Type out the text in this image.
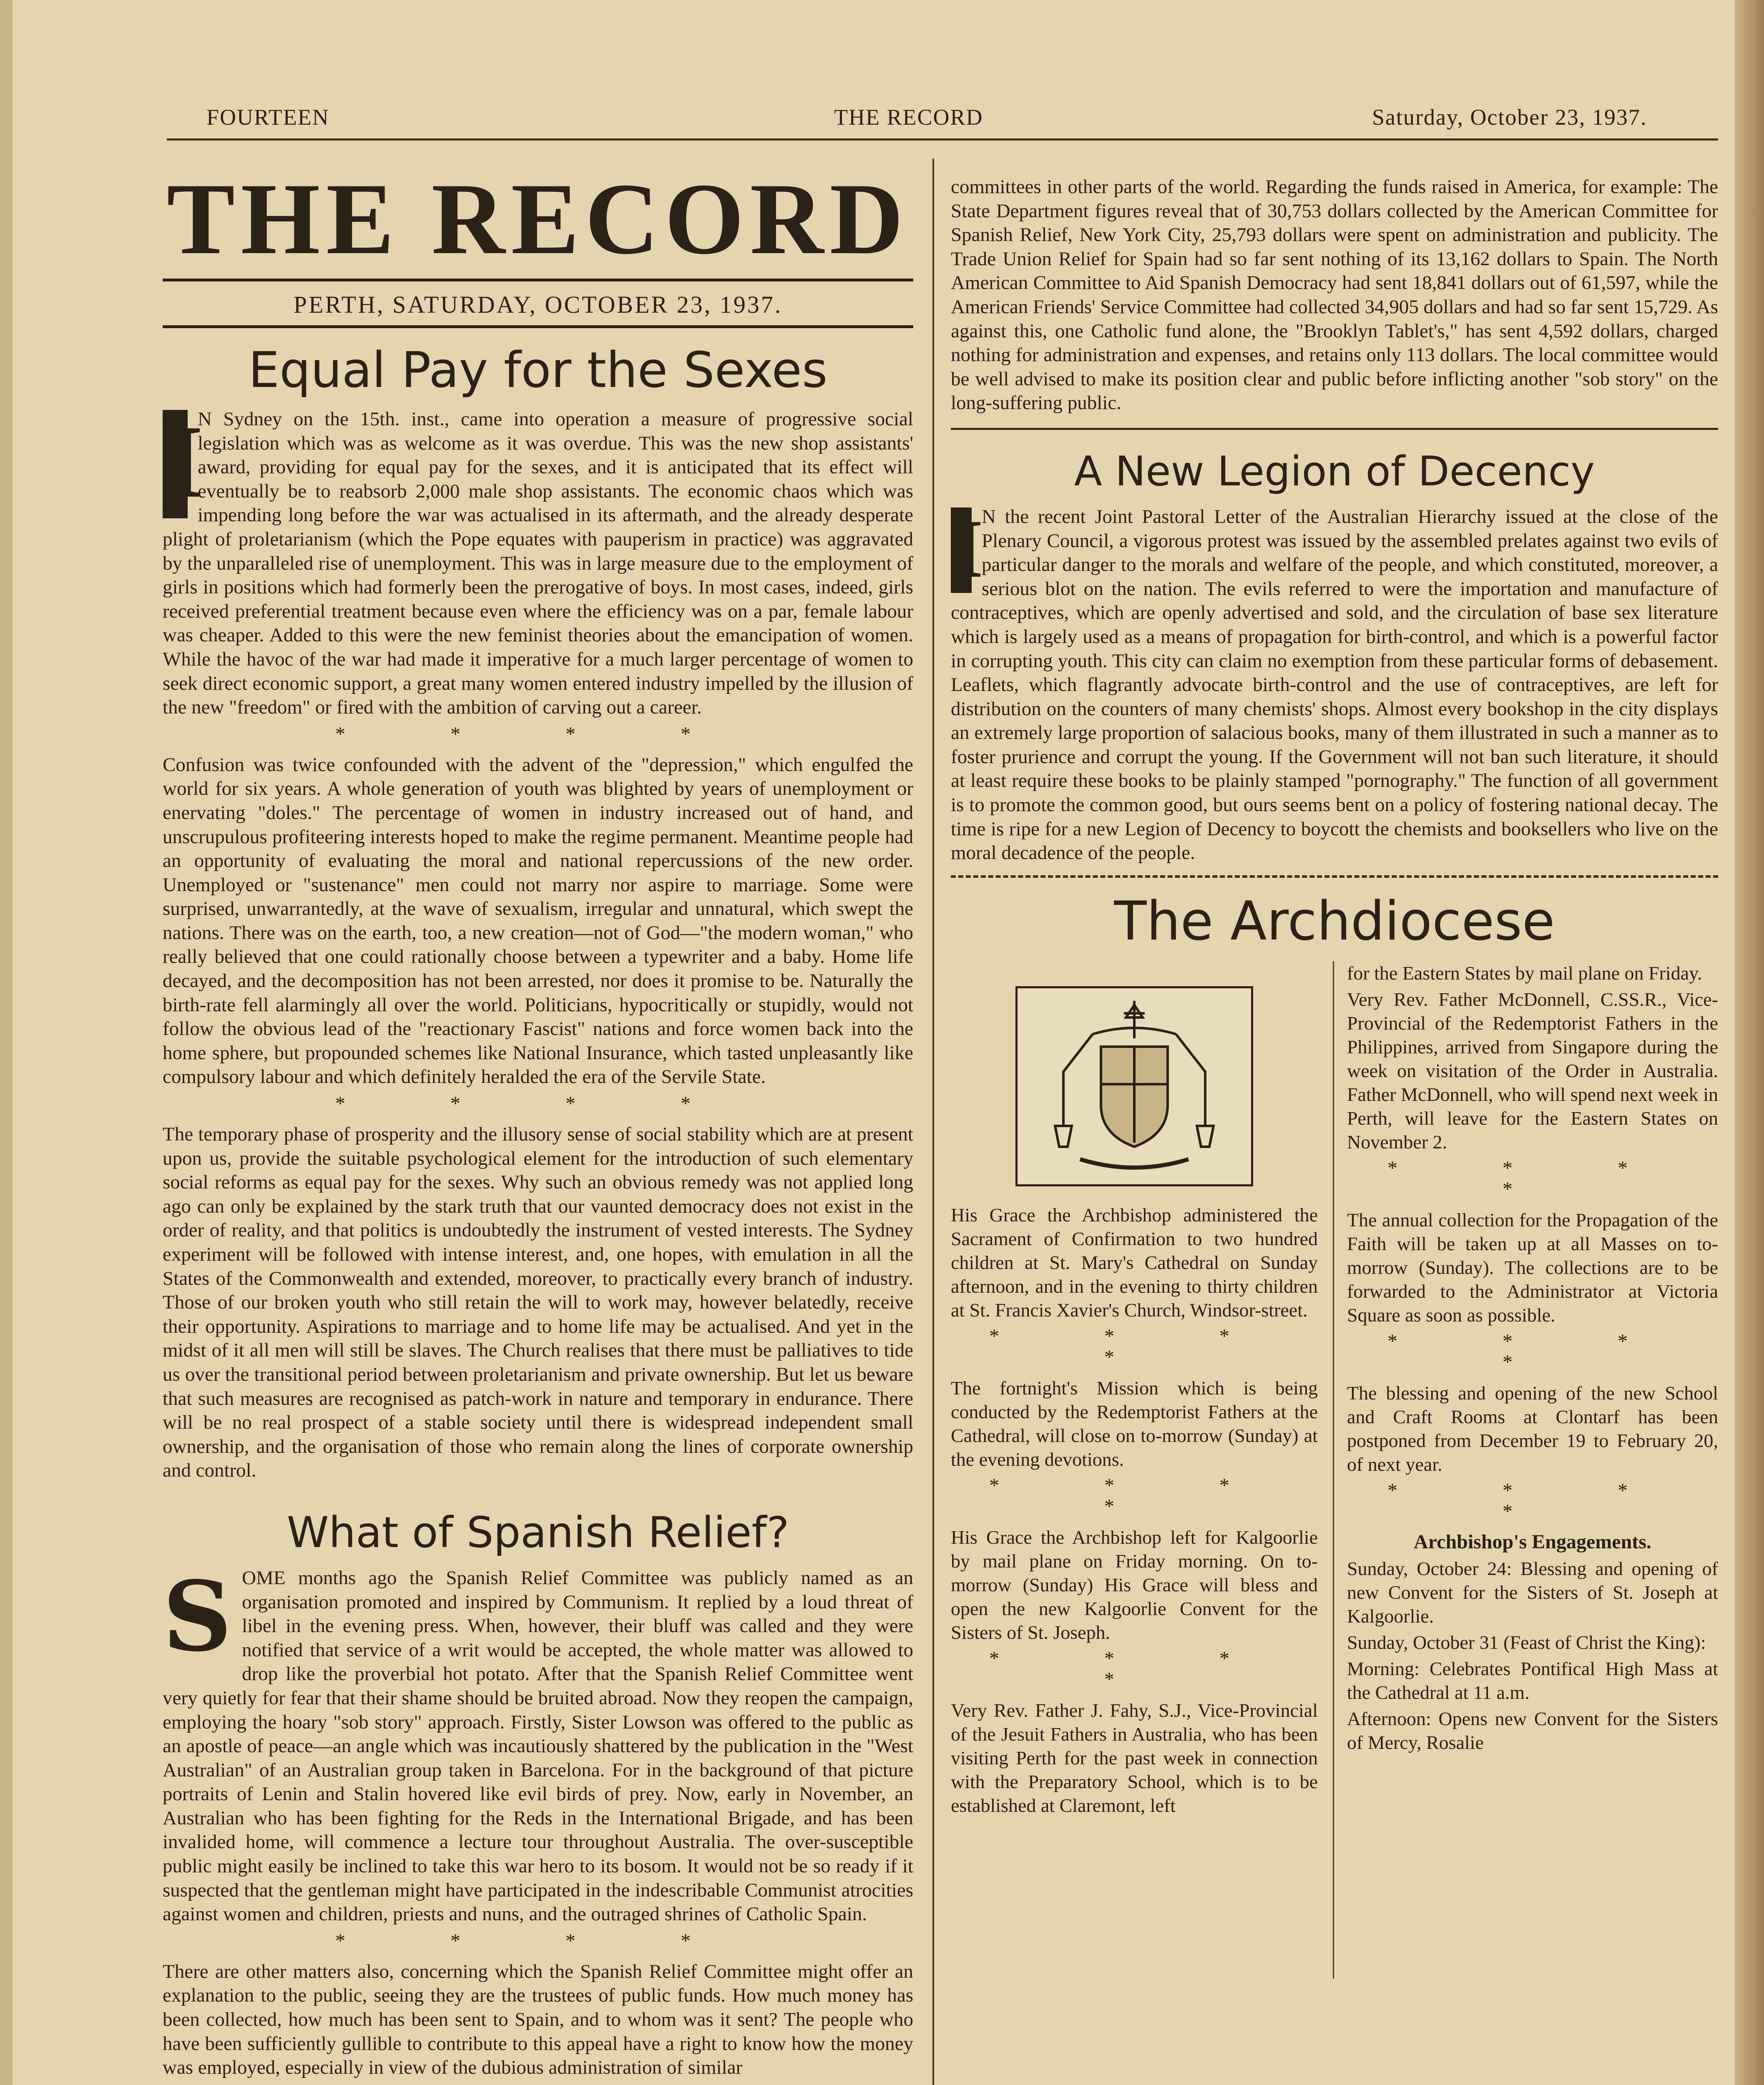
FOURTEEN	THE RECORD	Saturday, October 23, 1937.
THE RECORD
PERTH, SATURDAY, OCTOBER 23, 1937.
Equal Pay for the Sexes
I

N Sydney on the 15th. inst., came into operation a measure of progressive social legislation which was as welcome as it was overdue. This was the new shop assistants' award, providing for equal pay for the sexes, and it is anticipated that its effect will eventually be to reabsorb 2,000 male shop assistants. The economic chaos which was impending long before the war was actualised in its aftermath, and the already desperate plight of proletarianism (which the Pope equates with pauperism in practice) was aggravated by the unparalleled rise of unemployment. This was in large measure due to the employment of girls in positions which had formerly been the prerogative of boys. In most cases, indeed, girls received preferential treatment because even where the efficiency was on a par, female labour was cheaper. Added to this were the new feminist theories about the emancipation of women. While the havoc of the war had made it imperative for a much larger percentage of women to seek direct economic support, a great many women entered industry impelled by the illusion of the new "freedom" or fired with the ambition of carving out a career.

* * * *

Confusion was twice confounded with the advent of the "depression," which engulfed the world for six years. A whole generation of youth was blighted by years of unemployment or enervating "doles." The percentage of women in industry increased out of hand, and unscrupulous profiteering interests hoped to make the regime permanent. Meantime people had an opportunity of evaluating the moral and national repercussions of the new order. Unemployed or "sustenance" men could not marry nor aspire to marriage. Some were surprised, unwarrantedly, at the wave of sexualism, irregular and unnatural, which swept the nations. There was on the earth, too, a new creation—not of God—"the modern woman," who really believed that one could rationally choose between a typewriter and a baby. Home life decayed, and the decomposition has not been arrested, nor does it promise to be. Naturally the birth-rate fell alarmingly all over the world. Politicians, hypocritically or stupidly, would not follow the obvious lead of the "reactionary Fascist" nations and force women back into the home sphere, but propounded schemes like National Insurance, which tasted unpleasantly like compulsory labour and which definitely heralded the era of the Servile State.

* * * *

The temporary phase of prosperity and the illusory sense of social stability which are at present upon us, provide the suitable psychological element for the introduction of such elementary social reforms as equal pay for the sexes. Why such an obvious remedy was not applied long ago can only be explained by the stark truth that our vaunted democracy does not exist in the order of reality, and that politics is undoubtedly the instrument of vested interests. The Sydney experiment will be followed with intense interest, and, one hopes, with emulation in all the States of the Commonwealth and extended, moreover, to practically every branch of industry. Those of our broken youth who still retain the will to work may, however belatedly, receive their opportunity. Aspirations to marriage and to home life may be actualised. And yet in the midst of it all men will still be slaves. The Church realises that there must be palliatives to tide us over the transitional period between proletarianism and private ownership. But let us beware that such measures are recognised as patch-work in nature and temporary in endurance. There will be no real prospect of a stable society until there is widespread independent small ownership, and the organisation of those who remain along the lines of corporate ownership and control.

What of Spanish Relief?
S OME months ago the Spanish Relief Committee was publicly named as an organisation promoted and inspired by Communism. It replied by a loud threat of libel in the evening press. When, however, their bluff was called and they were notified that service of a writ would be accepted, the whole matter was allowed to drop like the proverbial hot potato. After that the Spanish Relief Committee went very quietly for fear that their shame should be bruited abroad. Now they reopen the campaign, employing the hoary "sob story" approach. Firstly, Sister Lowson was offered to the public as an apostle of peace—an angle which was incautiously shattered by the publication in the "West Australian" of an Australian group taken in Barcelona. For in the background of that picture portraits of Lenin and Stalin hovered like evil birds of prey. Now, early in November, an Australian who has been fighting for the Reds in the International Brigade, and has been invalided home, will commence a lecture tour throughout Australia. The over-susceptible public might easily be inclined to take this war hero to its bosom. It would not be so ready if it suspected that the gentleman might have participated in the indescribable Communist atrocities against women and children, priests and nuns, and the outraged shrines of Catholic Spain.

* * * *

There are other matters also, concerning which the Spanish Relief Committee might offer an explanation to the public, seeing they are the trustees of public funds. How much money has been collected, how much has been sent to Spain, and to whom was it sent? The people who have been sufficiently gullible to contribute to this appeal have a right to know how the money was employed, especially in view of the dubious administration of similar

committees in other parts of the world. Regarding the funds raised in America, for example: The State Department figures reveal that of 30,753 dollars collected by the American Committee for Spanish Relief, New York City, 25,793 dollars were spent on administration and publicity. The Trade Union Relief for Spain had so far sent nothing of its 13,162 dollars to Spain. The North American Committee to Aid Spanish Democracy had sent 18,841 dollars out of 61,597, while the American Friends' Service Committee had collected 34,905 dollars and had so far sent 15,729. As against this, one Catholic fund alone, the "Brooklyn Tablet's," has sent 4,592 dollars, charged nothing for administration and expenses, and retains only 113 dollars. The local committee would be well advised to make its position clear and public before inflicting another "sob story" on the long-suffering public.

A New Legion of Decency
I

N the recent Joint Pastoral Letter of the Australian Hierarchy issued at the close of the Plenary Council, a vigorous protest was issued by the assembled prelates against two evils of particular danger to the morals and welfare of the people, and which constituted, moreover, a serious blot on the nation. The evils referred to were the importation and manufacture of contraceptives, which are openly advertised and sold, and the circulation of base sex literature which is largely used as a means of propagation for birth-control, and which is a powerful factor in corrupting youth. This city can claim no exemption from these particular forms of debasement. Leaflets, which flagrantly advocate birth-control and the use of contraceptives, are left for distribution on the counters of many chemists' shops. Almost every bookshop in the city displays an extremely large proportion of salacious books, many of them illustrated in such a manner as to foster prurience and corrupt the young. If the Government will not ban such literature, it should at least require these books to be plainly stamped "pornography." The function of all government is to promote the common good, but ours seems bent on a policy of fostering national decay. The time is ripe for a new Legion of Decency to boycott the chemists and booksellers who live on the moral decadence of the people.

The Archdiocese

His Grace the Archbishop administered the Sacrament of Confirmation to two hundred children at St. Mary's Cathedral on Sunday afternoon, and in the evening to thirty children at St. Francis Xavier's Church, Windsor-street.

* * * *

The fortnight's Mission which is being conducted by the Redemptorist Fathers at the Cathedral, will close on to-morrow (Sunday) at the evening devotions.

* * * *

His Grace the Archbishop left for Kalgoorlie by mail plane on Friday morning. On to-morrow (Sunday) His Grace will bless and open the new Kalgoorlie Convent for the Sisters of St. Joseph.

* * * *

Very Rev. Father J. Fahy, S.J., Vice-Provincial of the Jesuit Fathers in Australia, who has been visiting Perth for the past week in connection with the Preparatory School, which is to be established at Claremont, left

for the Eastern States by mail plane on Friday.

Very Rev. Father McDonnell, C.SS.R., Vice-Provincial of the Redemptorist Fathers in the Philippines, arrived from Singapore during the week on visitation of the Order in Australia. Father McDonnell, who will spend next week in Perth, will leave for the Eastern States on November 2.

* * * *

The annual collection for the Propagation of the Faith will be taken up at all Masses on to-morrow (Sunday). The collections are to be forwarded to the Administrator at Victoria Square as soon as possible.

* * * *

The blessing and opening of the new School and Craft Rooms at Clontarf has been postponed from December 19 to February 20, of next year.

* * * *
Archbishop's Engagements.

Sunday, October 24: Blessing and opening of new Convent for the Sisters of St. Joseph at Kalgoorlie.

Sunday, October 31 (Feast of Christ the King):

Morning: Celebrates Pontifical High Mass at the Cathedral at 11 a.m.

Afternoon: Opens new Convent for the Sisters of Mercy, Rosalie
